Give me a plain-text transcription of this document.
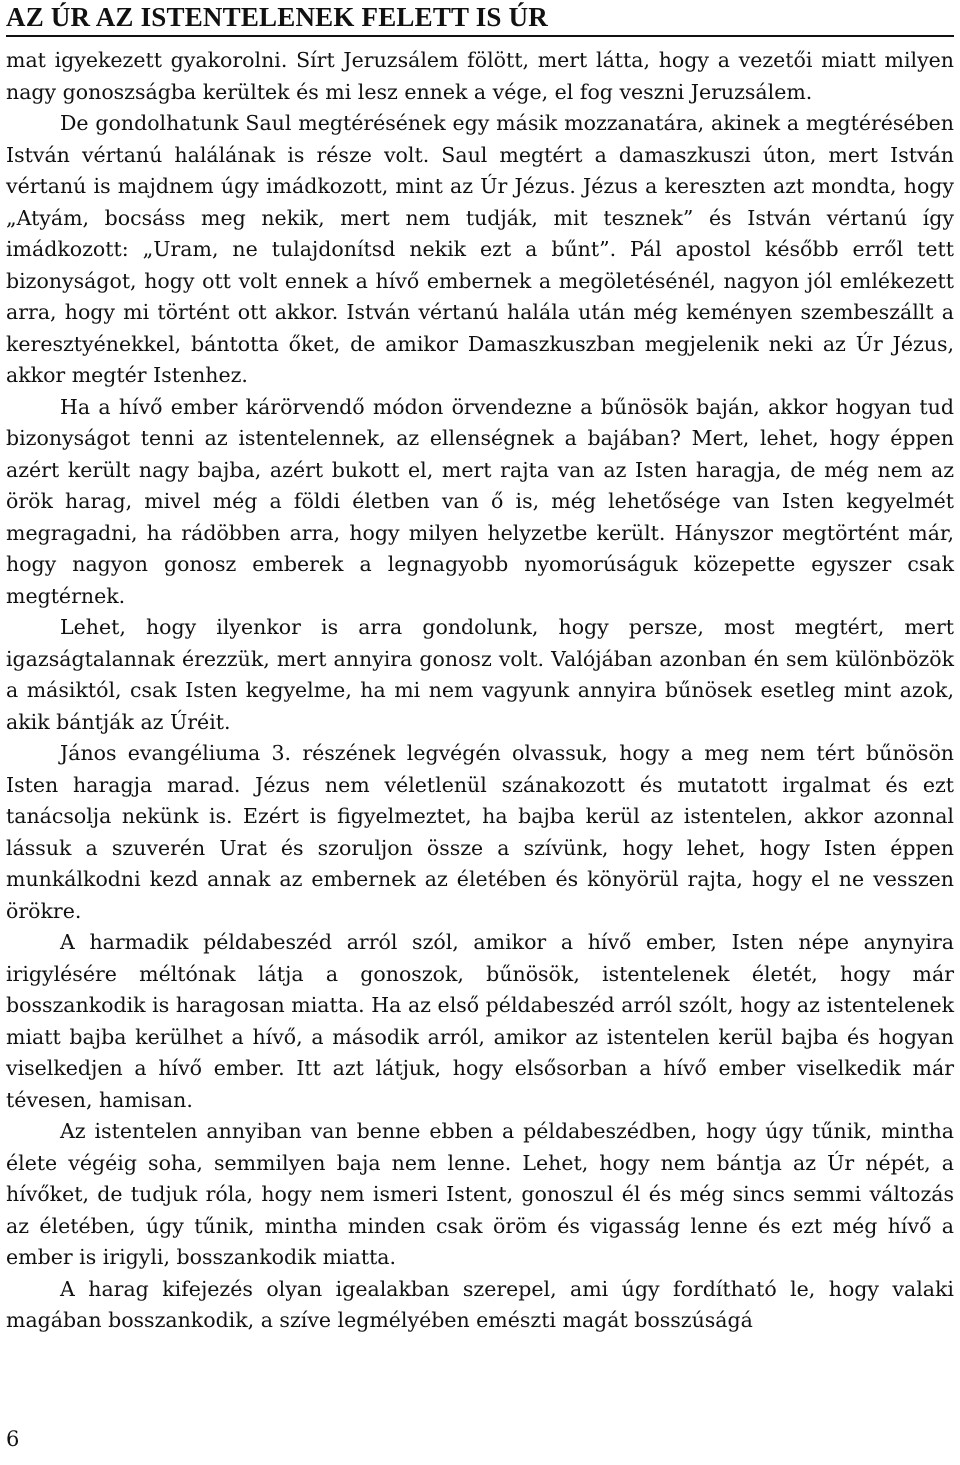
AZ ÚR AZ ISTENTELENEK FELETT IS ÚR

mat igyekezett gyakorolni. Sírt Jeruzsálem fölött, mert látta, hogy a vezetői miatt milyen nagy gonoszságba kerültek és mi lesz ennek a vége, el fog veszni Jeruzsálem.

De gondolhatunk Saul megtérésének egy másik mozzanatára, akinek a megtérésében István vértanú halálának is része volt. Saul megtért a damaszkuszi úton, mert István vértanú is majdnem úgy imádkozott, mint az Úr Jézus. Jézus a kereszten azt mondta, hogy „Atyám, bocsáss meg nekik, mert nem tudják, mit tesznek” és István vértanú így imádkozott: „Uram, ne tulajdonítsd nekik ezt a bűnt”. Pál apostol később erről tett bizonyságot, hogy ott volt ennek a hívő embernek a megöletésénél, nagyon jól emlékezett arra, hogy mi történt ott akkor. István vértanú halála után még keményen szembeszállt a keresztyénekkel, bántotta őket, de amikor Damaszkuszban megjelenik neki az Úr Jézus, akkor megtér Istenhez.

Ha a hívő ember kárörvendő módon örvendezne a bűnösök baján, akkor hogyan tud bizonyságot tenni az istentelennek, az ellenségnek a bajában? Mert, lehet, hogy éppen azért került nagy bajba, azért bukott el, mert rajta van az Isten haragja, de még nem az örök harag, mivel még a földi életben van ő is, még lehetősége van Isten kegyelmét megragadni, ha rádöbben arra, hogy milyen helyzetbe került. Hányszor megtörtént már, hogy nagyon gonosz emberek a legnagyobb nyomorúságuk közepette egyszer csak megtérnek.

Lehet, hogy ilyenkor is arra gondolunk, hogy persze, most megtért, mert igazságtalannak érezzük, mert annyira gonosz volt. Valójában azonban én sem különbözök a másiktól, csak Isten kegyelme, ha mi nem vagyunk annyira bűnösek esetleg mint azok, akik bántják az Úréit.

János evangéliuma 3. részének legvégén olvassuk, hogy a meg nem tért bűnösön Isten haragja marad. Jézus nem véletlenül szánakozott és mutatott irgalmat és ezt tanácsolja nekünk is. Ezért is figyelmeztet, ha bajba kerül az istentelen, akkor azonnal lássuk a szuverén Urat és szoruljon össze a szívünk, hogy lehet, hogy Isten éppen munkálkodni kezd annak az embernek az életében és könyörül rajta, hogy el ne vesszen örökre.

A harmadik példabeszéd arról szól, amikor a hívő ember, Isten népe anynyira irigylésére méltónak látja a gonoszok, bűnösök, istentelenek életét, hogy már bosszankodik is haragosan miatta. Ha az első példabeszéd arról szólt, hogy az istentelenek miatt bajba kerülhet a hívő, a második arról, amikor az istentelen kerül bajba és hogyan viselkedjen a hívő ember. Itt azt látjuk, hogy elsősorban a hívő ember viselkedik már tévesen, hamisan.

Az istentelen annyiban van benne ebben a példabeszédben, hogy úgy tűnik, mintha élete végéig soha, semmilyen baja nem lenne. Lehet, hogy nem bántja az Úr népét, a hívőket, de tudjuk róla, hogy nem ismeri Istent, gonoszul él és még sincs semmi változás az életében, úgy tűnik, mintha minden csak öröm és vigasság lenne és ezt még hívő a ember is irigyli, bosszankodik miatta.

A harag kifejezés olyan igealakban szerepel, ami úgy fordítható le, hogy valaki magában bosszankodik, a szíve legmélyében emészti magát bosszúságá

6
